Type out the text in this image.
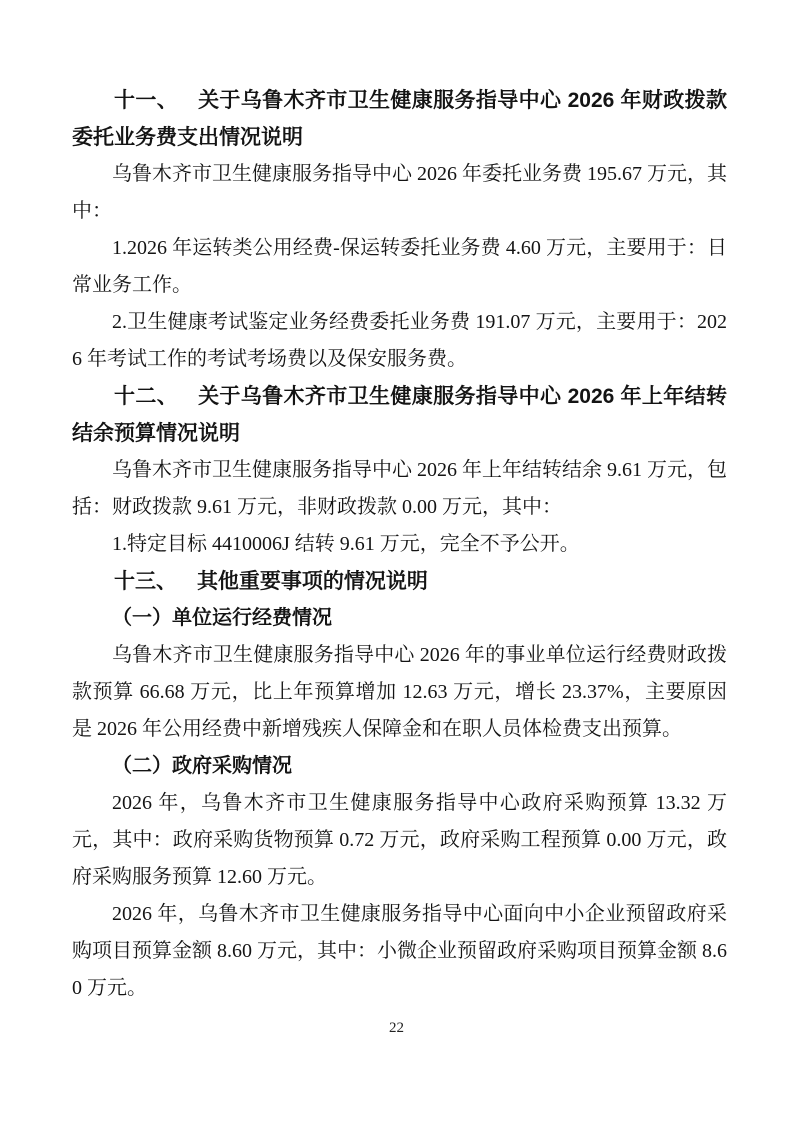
十一、 关于乌鲁木齐市卫生健康服务指导中心 2026 年财政拨款委托业务费支出情况说明

乌鲁木齐市卫生健康服务指导中心 2026 年委托业务费 195.67 万元，其中：

1.2026 年运转类公用经费-保运转委托业务费 4.60 万元，主要用于：日常业务工作。

2.卫生健康考试鉴定业务经费委托业务费 191.07 万元，主要用于：2026 年考试工作的考试考场费以及保安服务费。

十二、 关于乌鲁木齐市卫生健康服务指导中心 2026 年上年结转结余预算情况说明

乌鲁木齐市卫生健康服务指导中心 2026 年上年结转结余 9.61 万元，包括：财政拨款 9.61 万元，非财政拨款 0.00 万元，其中：

1.特定目标 4410006J 结转 9.61 万元，完全不予公开。

十三、 其他重要事项的情况说明
（一）单位运行经费情况

乌鲁木齐市卫生健康服务指导中心 2026 年的事业单位运行经费财政拨款预算 66.68 万元，比上年预算增加 12.63 万元，增长 23.37%，主要原因是 2026 年公用经费中新增残疾人保障金和在职人员体检费支出预算。

（二）政府采购情况

2026 年，乌鲁木齐市卫生健康服务指导中心政府采购预算 13.32 万元，其中：政府采购货物预算 0.72 万元，政府采购工程预算 0.00 万元，政府采购服务预算 12.60 万元。

2026 年，乌鲁木齐市卫生健康服务指导中心面向中小企业预留政府采购项目预算金额 8.60 万元，其中：小微企业预留政府采购项目预算金额 8.60 万元。

22
